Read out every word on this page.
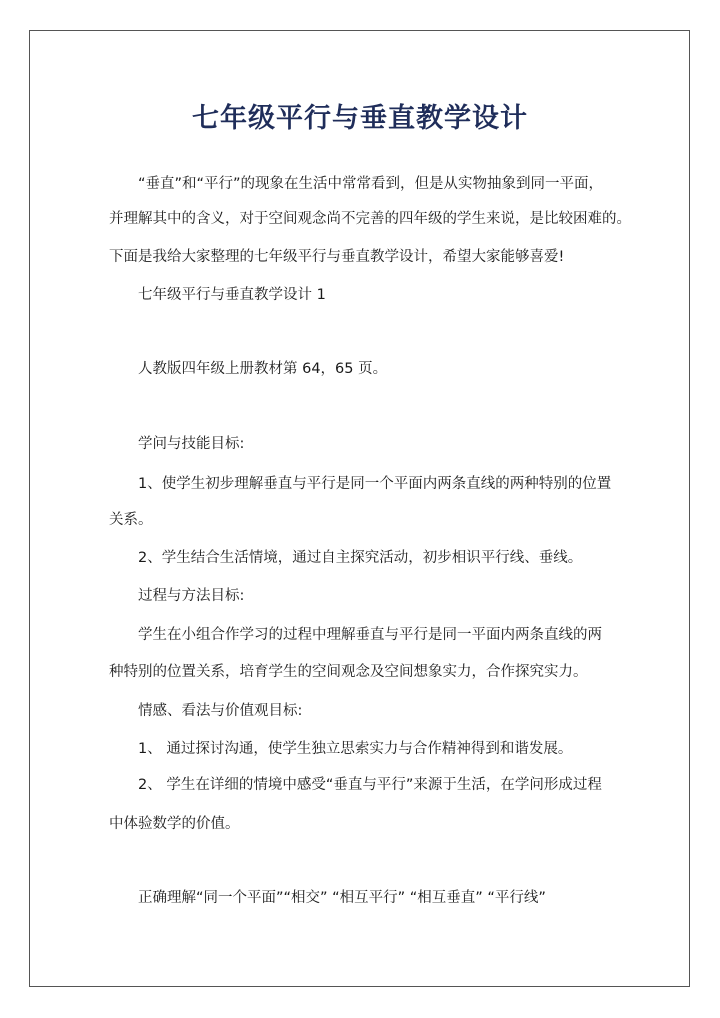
七年级平行与垂直教学设计
“垂直”和“平行”的现象在生活中常常看到，但是从实物抽象到同一平面，
并理解其中的含义，对于空间观念尚不完善的四年级的学生来说，是比较困难的。
下面是我给大家整理的七年级平行与垂直教学设计，希望大家能够喜爱!
七年级平行与垂直教学设计 1
人教版四年级上册教材第 64，65 页。
学问与技能目标:
1、使学生初步理解垂直与平行是同一个平面内两条直线的两种特别的位置
关系。
2、学生结合生活情境，通过自主探究活动，初步相识平行线、垂线。
过程与方法目标:
学生在小组合作学习的过程中理解垂直与平行是同一平面内两条直线的两
种特别的位置关系，培育学生的空间观念及空间想象实力，合作探究实力。
情感、看法与价值观目标:
1、 通过探讨沟通，使学生独立思索实力与合作精神得到和谐发展。
2、 学生在详细的情境中感受“垂直与平行”来源于生活，在学问形成过程
中体验数学的价值。
正确理解“同一个平面”“相交” “相互平行” “相互垂直” “平行线”
